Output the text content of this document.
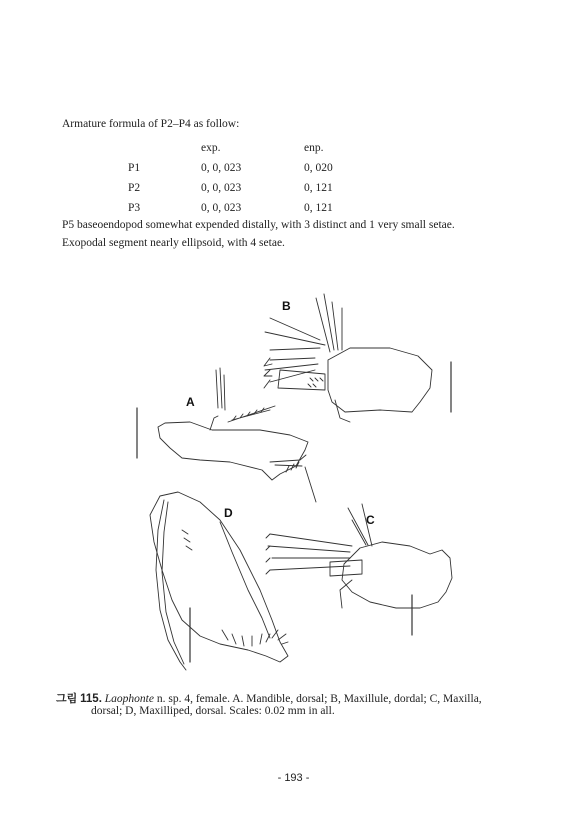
Armature formula of P2–P4 as follow:
	exp.	enp.
P1	0, 0, 023	0, 020
P2	0, 0, 023	0, 121
P3	0, 0, 023	0, 121
P5 baseoendopod somewhat expended distally, with 3 distinct and 1 very small setae.
Exopodal segment nearly ellipsoid, with 4 setae.
A
B
C
D
그림 115. Laophonte n. sp. 4, female. A. Mandible, dorsal; B, Maxillule, dordal; C, Maxilla,
dorsal; D, Maxilliped, dorsal. Scales: 0.02 mm in all.
- 193 -
